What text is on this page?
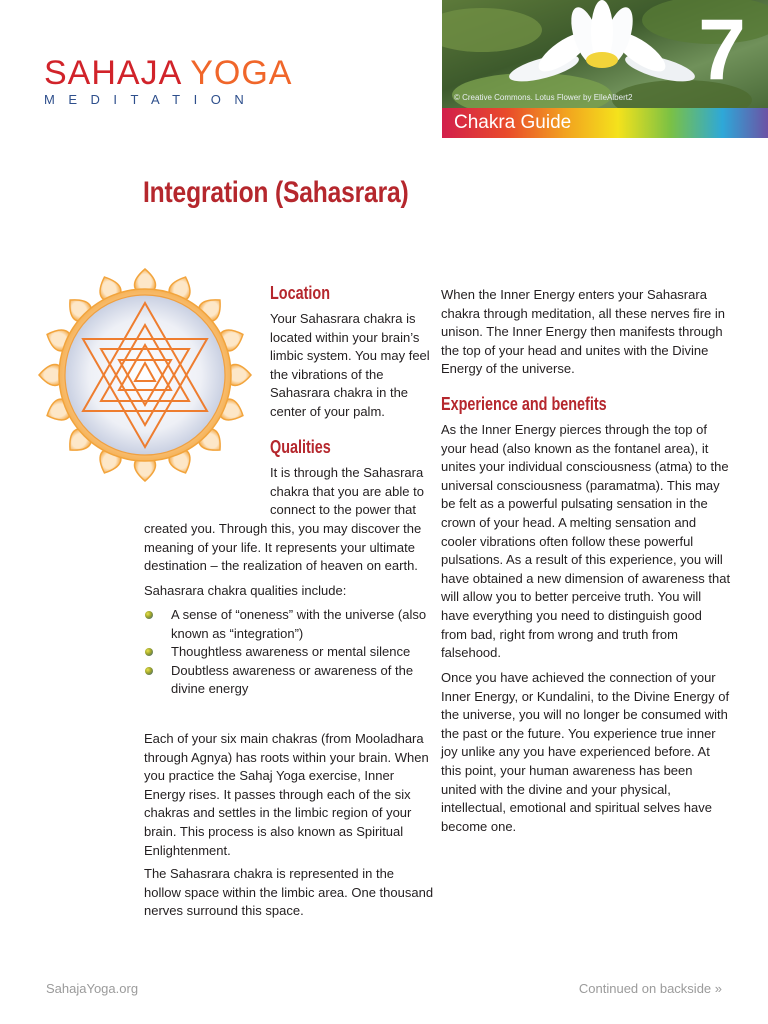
SAHAJA YOGA
MEDITATION
7
© Creative Commons. Lotus Flower by ElleAlbert2
Chakra Guide
Integration (Sahasrara)
Location
Your Sahasrara chakra is located within your brain’s limbic system. You may feel the vibrations of the Sahasrara chakra in the center of your palm.
Qualities
It is through the Sahasrara chakra that you are able to connect to the power that
created you. Through this, you may discover the meaning of your life. It represents your ultimate destination – the realization of heaven on earth.
Sahasrara chakra qualities include:
A sense of “oneness” with the universe (also known as “integration”)
Thoughtless awareness or mental silence
Doubtless awareness or awareness of the divine energy
Each of your six main chakras (from Mooladhara through Agnya) has roots within your brain. When you practice the Sahaj Yoga exercise, Inner Energy rises. It passes through each of the six chakras and settles in the limbic region of your brain. This process is also known as Spiritual Enlightenment.
The Sahasrara chakra is represented in the hollow space within the limbic area. One thousand nerves surround this space.
When the Inner Energy enters your Sahasrara chakra through meditation, all these nerves fire in unison. The Inner Energy then manifests through the top of your head and unites with the Divine Energy of the universe.
Experience and benefits
As the Inner Energy pierces through the top of your head (also known as the fontanel area), it unites your individual consciousness (atma) to the universal consciousness (paramatma). This may be felt as a powerful pulsating sensation in the crown of your head. A melting sensation and cooler vibrations often follow these powerful pulsations. As a result of this experience, you will have obtained a new dimension of awareness that will allow you to better perceive truth. You will have everything you need to distinguish good from bad, right from wrong and truth from falsehood.
Once you have achieved the connection of your Inner Energy, or Kundalini, to the Divine Energy of the universe, you will no longer be consumed with the past or the future. You experience true inner joy unlike any you have experienced before. At this point, your human awareness has been united with the divine and your physical, intellectual, emotional and spiritual selves have become one.
SahajaYoga.org	Continued on backside »
